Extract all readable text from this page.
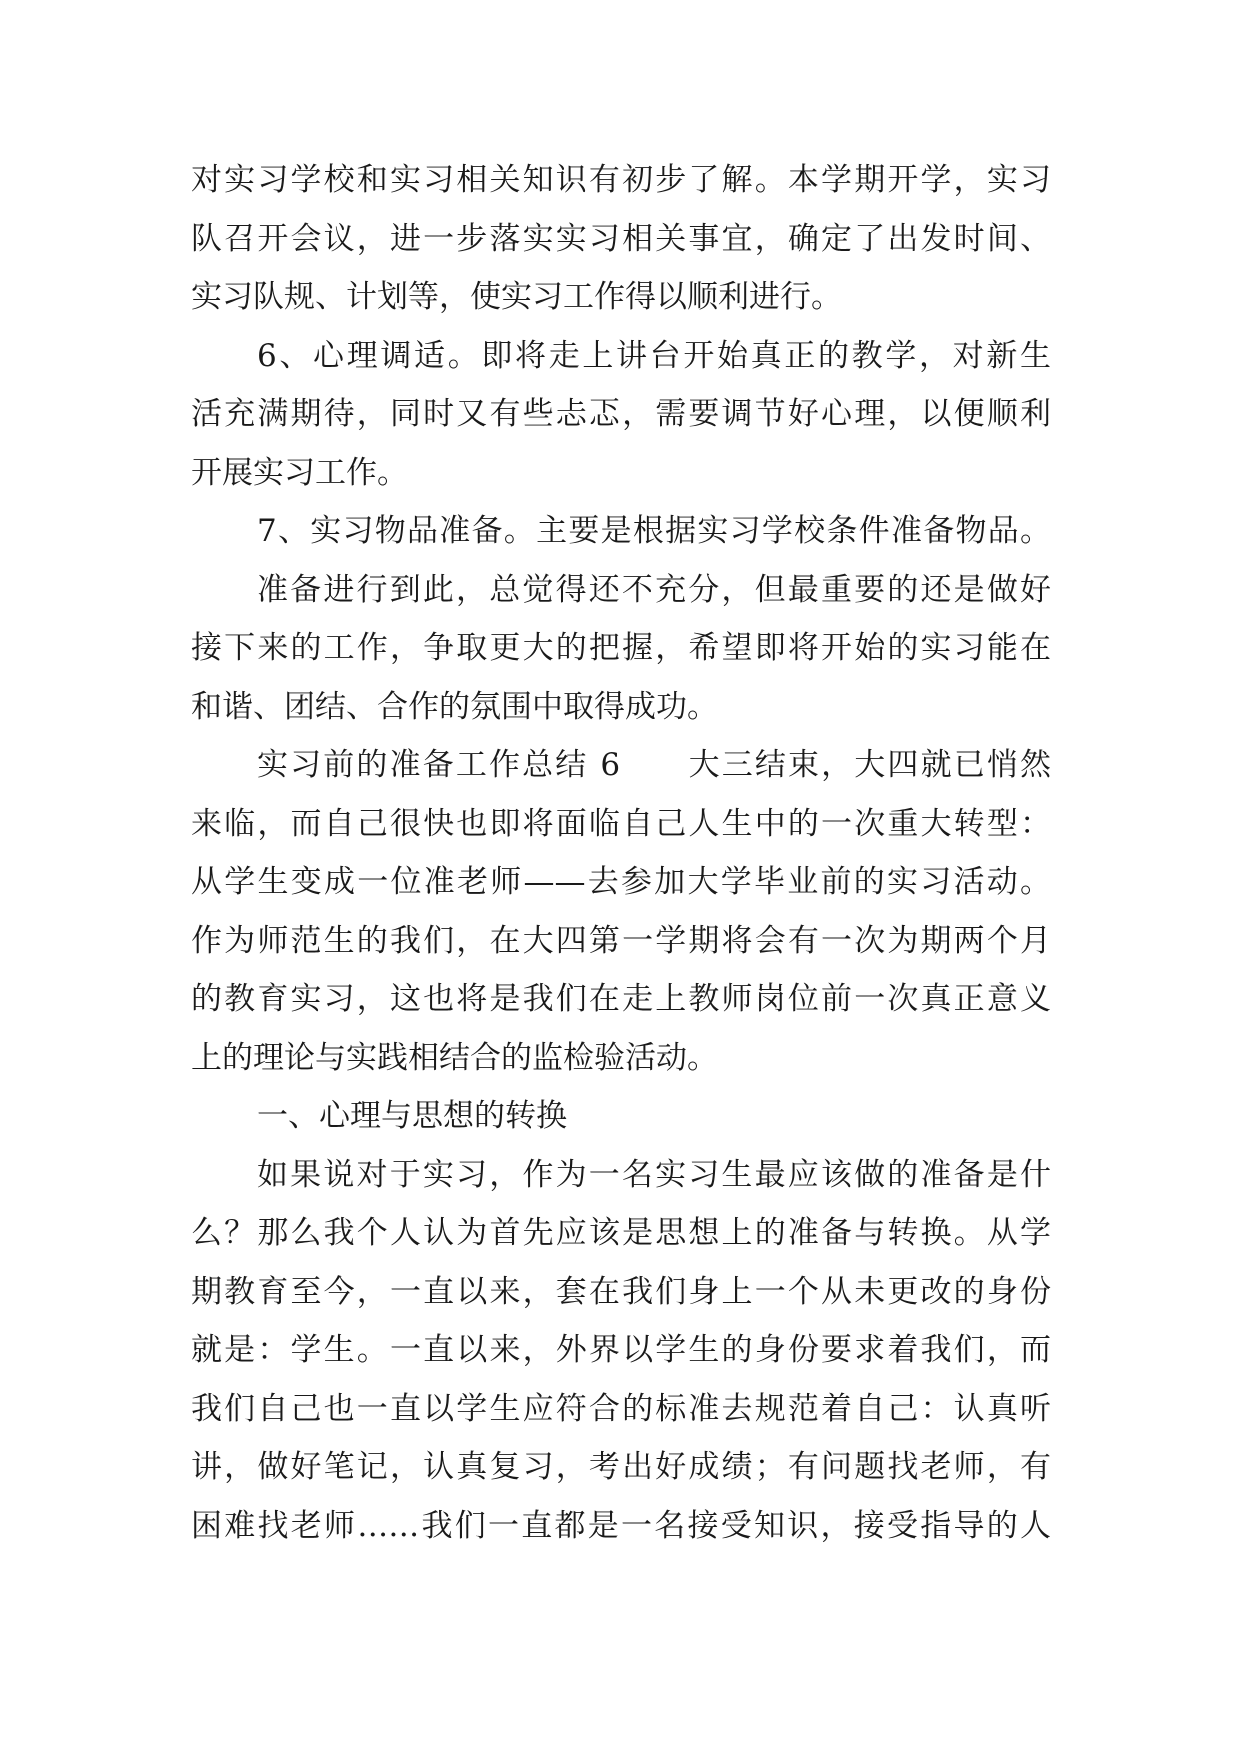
对实习学校和实习相关知识有初步了解。本学期开学，实习
队召开会议，进一步落实实习相关事宜，确定了出发时间、
实习队规、计划等，使实习工作得以顺利进行。
6、心理调适。即将走上讲台开始真正的教学，对新生
活充满期待，同时又有些忐忑，需要调节好心理，以便顺利
开展实习工作。
7、实习物品准备。主要是根据实习学校条件准备物品。
准备进行到此，总觉得还不充分，但最重要的还是做好
接下来的工作，争取更大的把握，希望即将开始的实习能在
和谐、团结、合作的氛围中取得成功。
实习前的准备工作总结 6　　大三结束，大四就已悄然
来临，而自己很快也即将面临自己人生中的一次重大转型：
从学生变成一位准老师——去参加大学毕业前的实习活动。
作为师范生的我们，在大四第一学期将会有一次为期两个月
的教育实习，这也将是我们在走上教师岗位前一次真正意义
上的理论与实践相结合的监检验活动。
一、心理与思想的转换
如果说对于实习，作为一名实习生最应该做的准备是什
么？那么我个人认为首先应该是思想上的准备与转换。从学
期教育至今，一直以来，套在我们身上一个从未更改的身份
就是：学生。一直以来，外界以学生的身份要求着我们，而
我们自己也一直以学生应符合的标准去规范着自己：认真听
讲，做好笔记，认真复习，考出好成绩；有问题找老师，有
困难找老师……我们一直都是一名接受知识，接受指导的人
